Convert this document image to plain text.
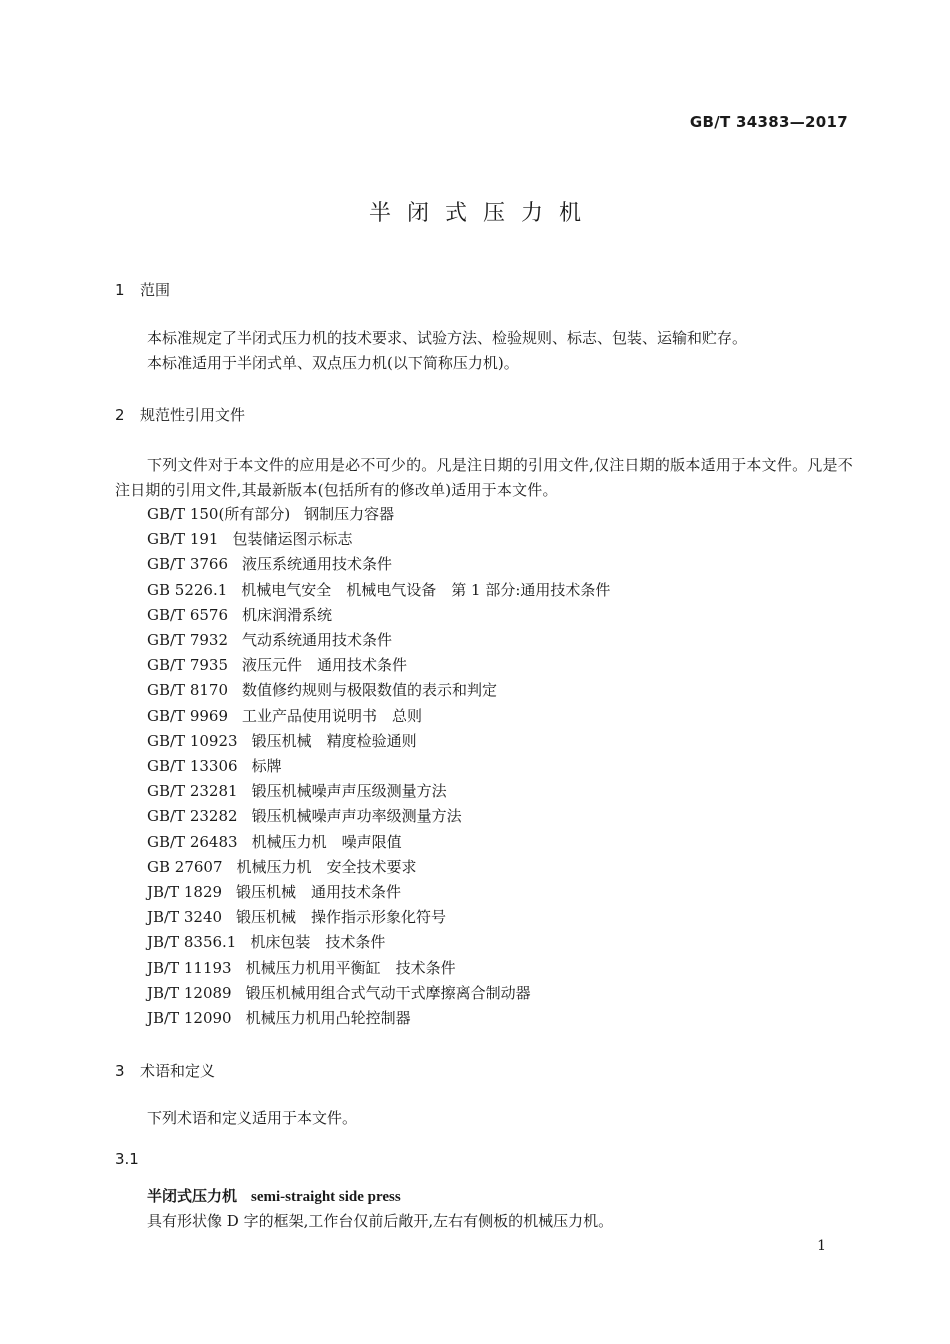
GB/T 34383—2017
半闭式压力机
1 范围
本标准规定了半闭式压力机的技术要求、试验方法、检验规则、标志、包装、运输和贮存。
本标准适用于半闭式单、双点压力机(以下简称压力机)。
2 规范性引用文件
下列文件对于本文件的应用是必不可少的。凡是注日期的引用文件,仅注日期的版本适用于本文件。凡是不注日期的引用文件,其最新版本(包括所有的修改单)适用于本文件。
GB/T 150(所有部分) 钢制压力容器
GB/T 191 包装储运图示标志
GB/T 3766 液压系统通用技术条件
GB 5226.1 机械电气安全　机械电气设备　第 1 部分:通用技术条件
GB/T 6576 机床润滑系统
GB/T 7932 气动系统通用技术条件
GB/T 7935 液压元件　通用技术条件
GB/T 8170 数值修约规则与极限数值的表示和判定
GB/T 9969 工业产品使用说明书　总则
GB/T 10923 锻压机械　精度检验通则
GB/T 13306 标牌
GB/T 23281 锻压机械噪声声压级测量方法
GB/T 23282 锻压机械噪声声功率级测量方法
GB/T 26483 机械压力机　噪声限值
GB 27607 机械压力机　安全技术要求
JB/T 1829 锻压机械　通用技术条件
JB/T 3240 锻压机械　操作指示形象化符号
JB/T 8356.1 机床包装　技术条件
JB/T 11193 机械压力机用平衡缸　技术条件
JB/T 12089 锻压机械用组合式气动干式摩擦离合制动器
JB/T 12090 机械压力机用凸轮控制器
3 术语和定义
下列术语和定义适用于本文件。
3.1
半闭式压力机 semi-straight side press
具有形状像 D 字的框架,工作台仅前后敞开,左右有侧板的机械压力机。
1
